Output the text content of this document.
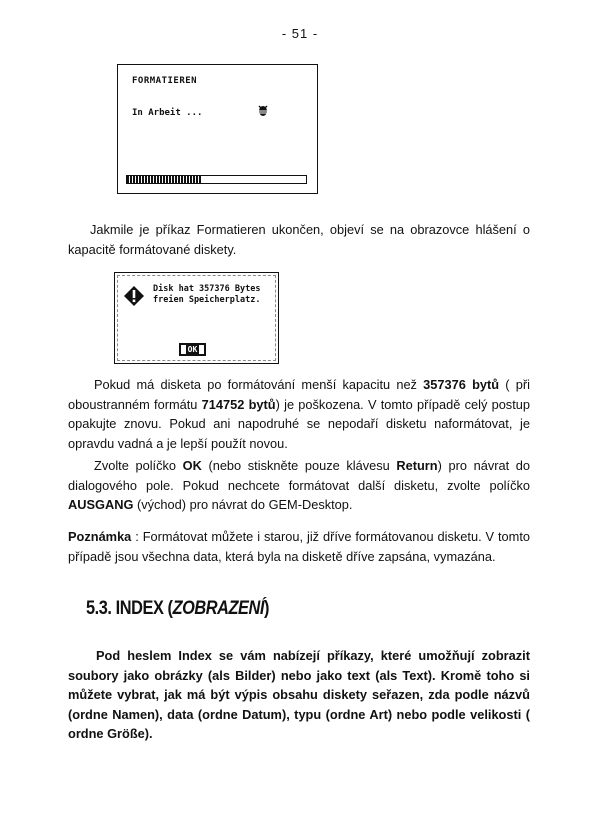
- 51 -
FORMATIEREN
In Arbeit ...
Jakmile je příkaz Formatieren ukončen, objeví se na obrazovce hlášení o kapacitě formátované diskety.
Disk hat 357376 Bytes
freien Speicherplatz.
OK
Pokud má disketa po formátování menší kapacitu než 357376 bytů ( při oboustranném formátu 714752 bytů) je poškozena. V tomto případě celý postup opakujte znovu. Pokud ani napodruhé se nepodaří disketu naformátovat, je opravdu vadná a je lepší použít novou.
Zvolte políčko OK (nebo stiskněte pouze klávesu Return) pro návrat do dialogového pole. Pokud nechcete formátovat další disketu, zvolte políčko AUSGANG (východ) pro návrat do GEM-Desktop.
Poznámka : Formátovat můžete i starou, již dříve formátovanou disketu. V tomto případě jsou všechna data, která byla na disketě dříve zapsána, vymazána.
5.3. INDEX (ZOBRAZENÍ)
Pod heslem Index se vám nabízejí příkazy, které umožňují zobrazit soubory jako obrázky (als Bilder) nebo jako text (als Text). Kromě toho si můžete vybrat, jak má být výpis obsahu diskety seřazen, zda podle názvů (ordne Namen), data (ordne Datum), typu (ordne Art) nebo podle velikosti ( ordne Größe).
